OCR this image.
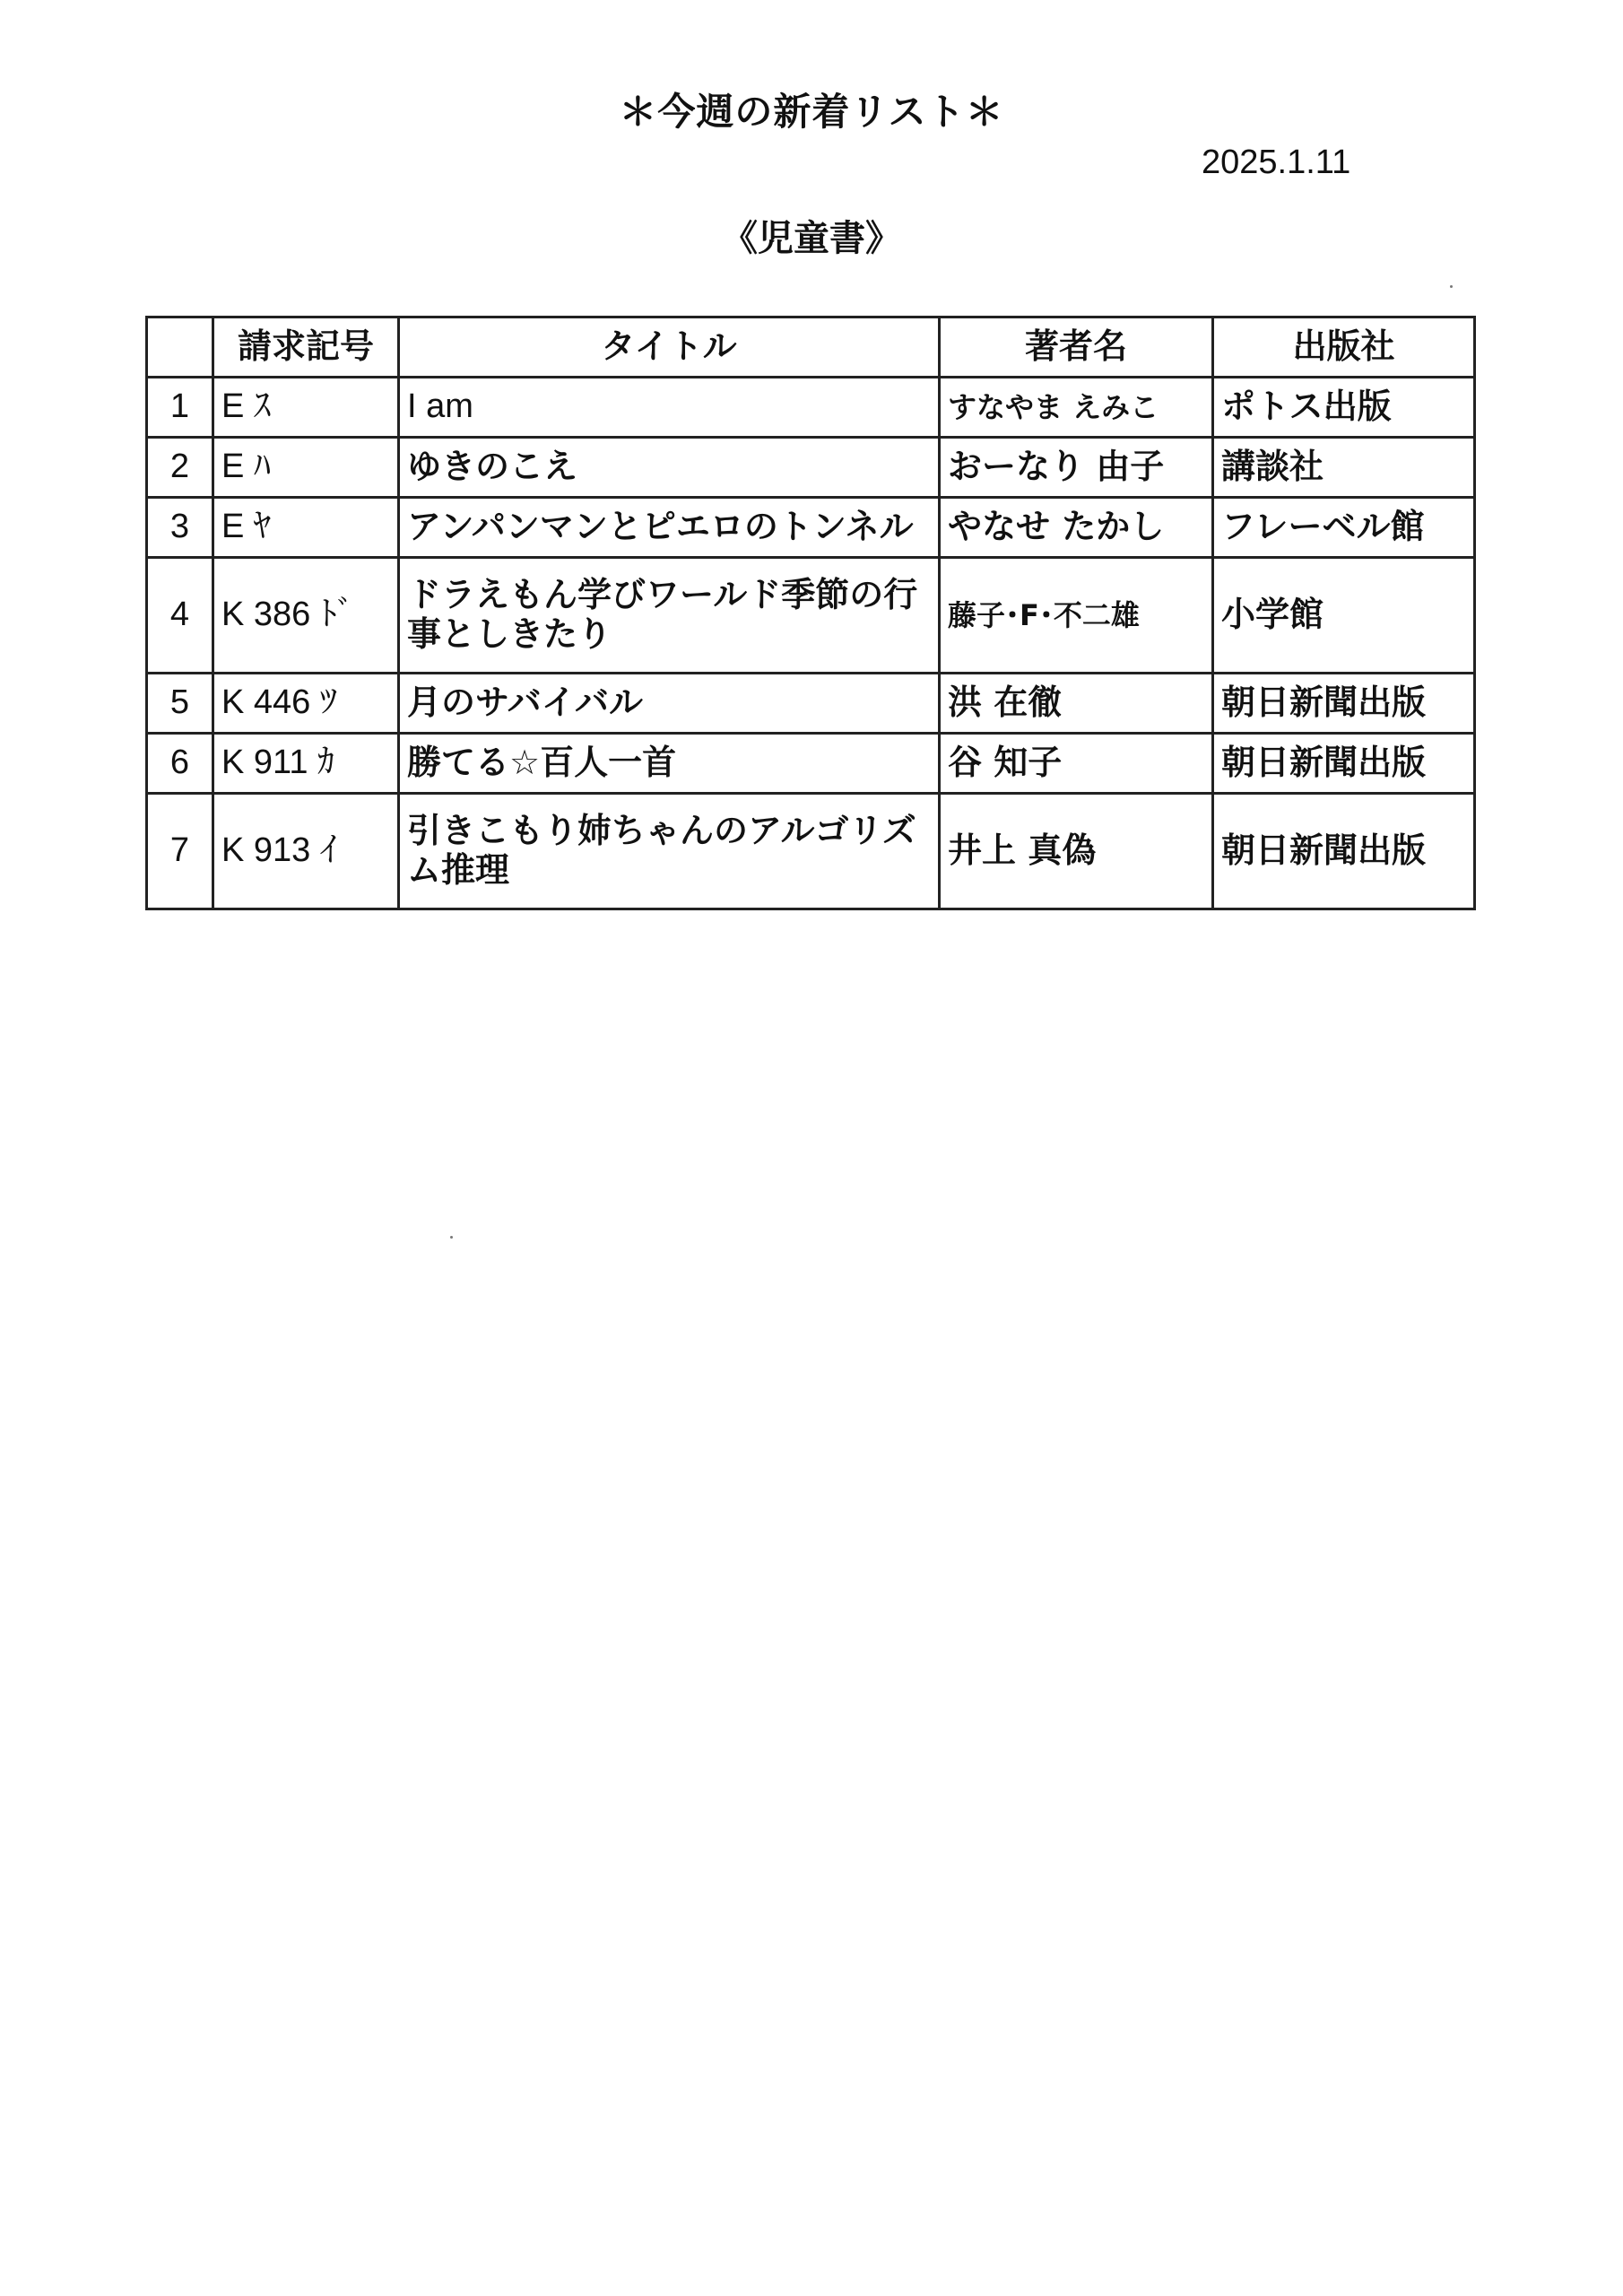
＊今週の新着リスト＊
2025.1.11
《児童書》
	請求記号	タイトル	著者名	出版社
1	E ｽ	I am	すなやま えみこ	ポトス出版
2	E ﾊ	ゆきのこえ	おーなり 由子	講談社
3	E ﾔ	アンパンマンとピエロのトンネル	やなせ たかし	フレーベル館
4	K 386 ﾄﾞ	ドラえもん学びワールド季節の行事としきたり	藤子･F･不二雄	小学館
5	K 446 ﾂ	月のサバイバル	洪 在徹	朝日新聞出版
6	K 911 ｶ	勝てる☆百人一首	谷 知子	朝日新聞出版
7	K 913 ｲ	引きこもり姉ちゃんのアルゴリズム推理	井上 真偽	朝日新聞出版
